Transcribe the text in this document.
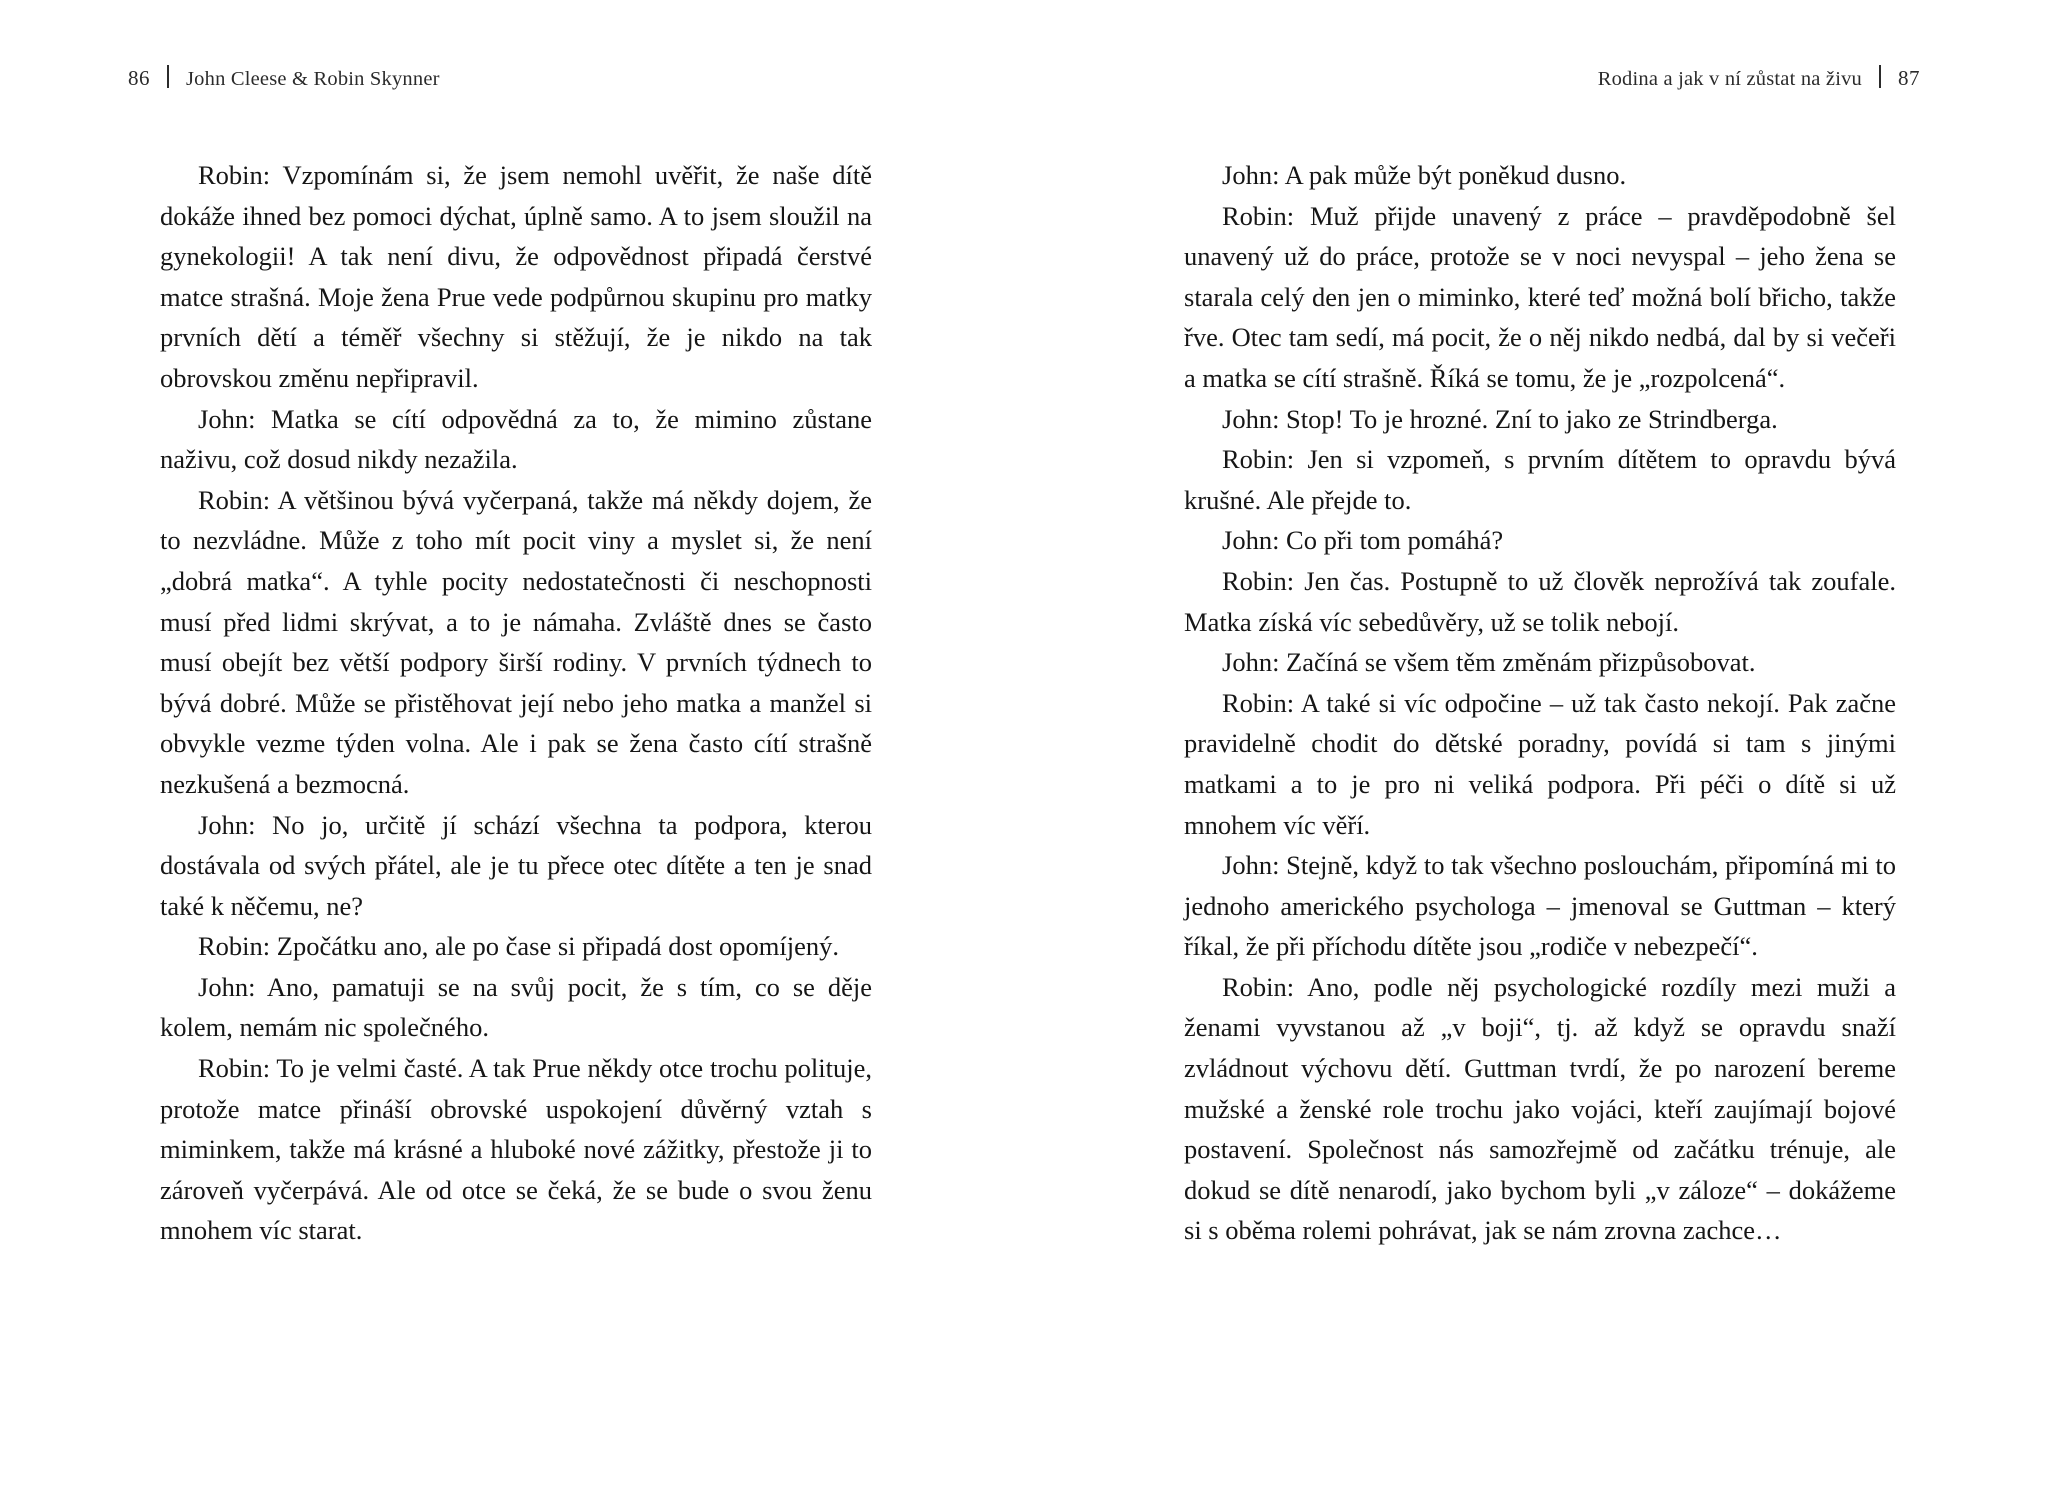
86 John Cleese & Robin Skynner	Rodina a jak v ní zůstat na živu 87

Robin: Vzpomínám si, že jsem nemohl uvěřit, že naše dítě dokáže ihned bez pomoci dýchat, úplně samo. A to jsem sloužil na gynekologii! A tak není divu, že odpovědnost připadá čerstvé matce strašná. Moje žena Prue vede podpůrnou skupinu pro matky prvních dětí a téměř všechny si stěžují, že je nikdo na tak obrovskou změnu nepřipravil.

John: Matka se cítí odpovědná za to, že mimino zůstane naživu, což dosud nikdy nezažila.

Robin: A většinou bývá vyčerpaná, takže má někdy dojem, že to nezvládne. Může z toho mít pocit viny a myslet si, že není „dobrá matka“. A tyhle pocity nedostatečnosti či neschopnosti musí před lidmi skrývat, a to je námaha. Zvláště dnes se často musí obejít bez větší podpory širší rodiny. V prvních týdnech to bývá dobré. Může se přistěhovat její nebo jeho matka a manžel si obvykle vezme týden volna. Ale i pak se žena často cítí strašně nezkušená a bezmocná.

John: No jo, určitě jí schází všechna ta podpora, kterou dostávala od svých přátel, ale je tu přece otec dítěte a ten je snad také k něčemu, ne?

Robin: Zpočátku ano, ale po čase si připadá dost opomíjený.

John: Ano, pamatuji se na svůj pocit, že s tím, co se děje kolem, nemám nic společného.

Robin: To je velmi časté. A tak Prue někdy otce trochu polituje, protože matce přináší obrovské uspokojení důvěrný vztah s miminkem, takže má krásné a hluboké nové zážitky, přestože ji to zároveň vyčerpává. Ale od otce se čeká, že se bude o svou ženu mnohem víc starat.

John: A pak může být poněkud dusno.

Robin: Muž přijde unavený z práce – pravděpodobně šel unavený už do práce, protože se v noci nevyspal – jeho žena se starala celý den jen o miminko, které teď možná bolí břicho, takže řve. Otec tam sedí, má pocit, že o něj nikdo nedbá, dal by si večeři a matka se cítí strašně. Říká se tomu, že je „rozpolcená“.

John: Stop! To je hrozné. Zní to jako ze Strindberga.

Robin: Jen si vzpomeň, s prvním dítětem to opravdu bývá krušné. Ale přejde to.

John: Co při tom pomáhá?

Robin: Jen čas. Postupně to už člověk neprožívá tak zoufale. Matka získá víc sebedůvěry, už se tolik nebojí.

John: Začíná se všem těm změnám přizpůsobovat.

Robin: A také si víc odpočine – už tak často nekojí. Pak začne pravidelně chodit do dětské poradny, povídá si tam s jinými matkami a to je pro ni veliká podpora. Při péči o dítě si už mnohem víc věří.

John: Stejně, když to tak všechno poslouchám, připomíná mi to jednoho amerického psychologa – jmenoval se Guttman – který říkal, že při příchodu dítěte jsou „rodiče v nebezpečí“.

Robin: Ano, podle něj psychologické rozdíly mezi muži a ženami vyvstanou až „v boji“, tj. až když se opravdu snaží zvládnout výchovu dětí. Guttman tvrdí, že po narození bereme mužské a ženské role trochu jako vojáci, kteří zaujímají bojové postavení. Společnost nás samozřejmě od začátku trénuje, ale dokud se dítě nenarodí, jako bychom byli „v záloze“ – dokážeme si s oběma rolemi pohrávat, jak se nám zrovna zachce…
